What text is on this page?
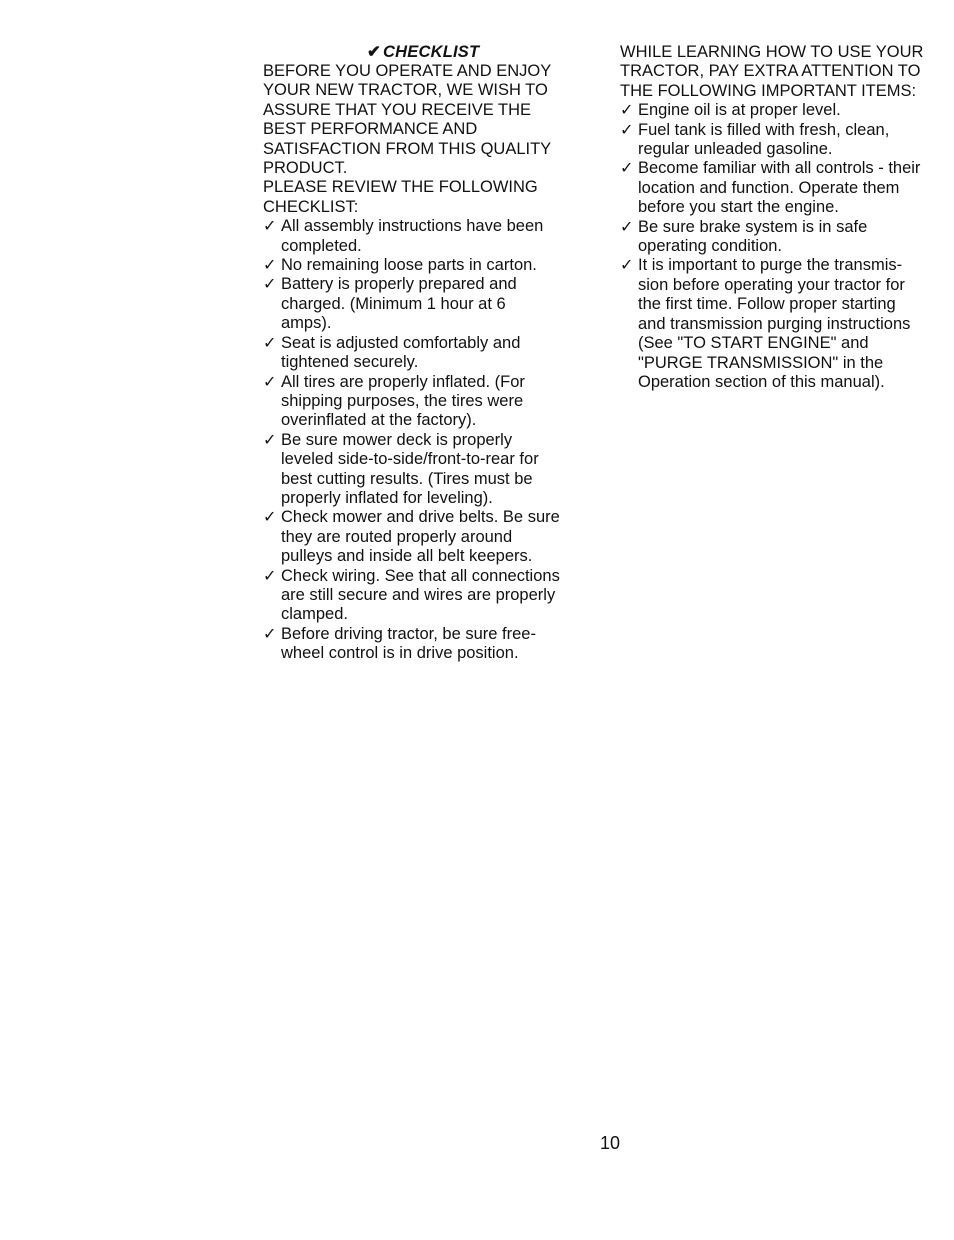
✔ CHECKLIST

BEFORE YOU OPERATE AND ENJOY
YOUR NEW TRACTOR, WE WISH TO
ASSURE THAT YOU RECEIVE THE
BEST PERFORMANCE AND
SATISFACTION FROM THIS QUALITY
PRODUCT.

PLEASE REVIEW THE FOLLOWING
CHECKLIST:

✓ All assembly instructions have been
completed.
✓ No remaining loose parts in carton.
✓ Battery is properly prepared and
charged. (Minimum 1 hour at 6
amps).
✓ Seat is adjusted comfortably and
tightened securely.
✓ All tires are properly inflated. (For
shipping purposes, the tires were
overinflated at the factory).
✓ Be sure mower deck is properly
leveled side-to-side/front-to-rear for
best cutting results. (Tires must be
properly inflated for leveling).
✓ Check mower and drive belts. Be sure
they are routed properly around
pulleys and inside all belt keepers.
✓ Check wiring. See that all connections
are still secure and wires are properly
clamped.
✓ Before driving tractor, be sure free-
wheel control is in drive position.

WHILE LEARNING HOW TO USE YOUR
TRACTOR, PAY EXTRA ATTENTION TO
THE FOLLOWING IMPORTANT ITEMS:

✓ Engine oil is at proper level.
✓ Fuel tank is filled with fresh, clean,
regular unleaded gasoline.
✓ Become familiar with all controls - their
location and function. Operate them
before you start the engine.
✓ Be sure brake system is in safe
operating condition.
✓ It is important to purge the transmis-
sion before operating your tractor for
the first time. Follow proper starting
and transmission purging instructions
(See "TO START ENGINE" and
"PURGE TRANSMISSION" in the
Operation section of this manual).
10
